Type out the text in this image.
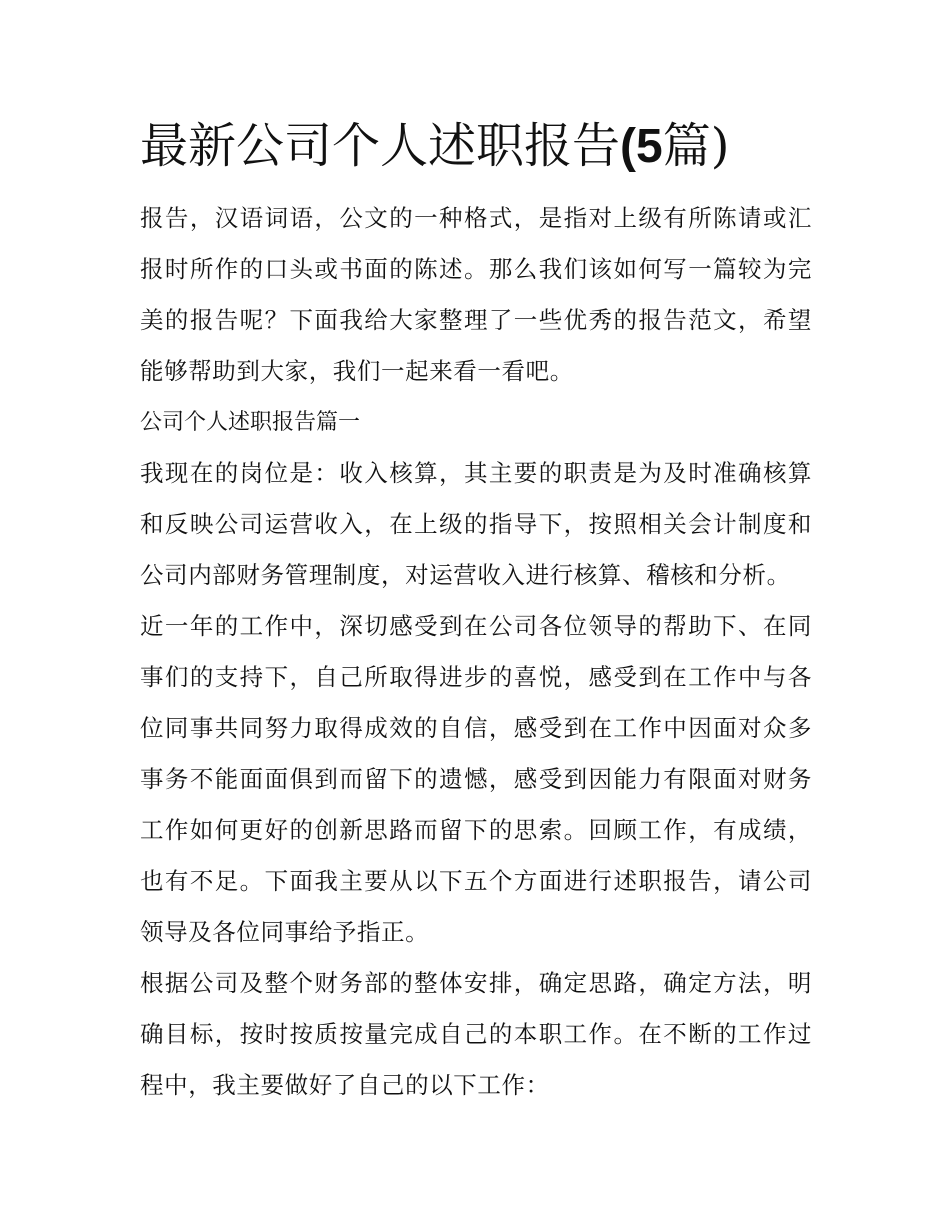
最新公司个人述职报告(5篇)

报告，汉语词语，公文的一种格式，是指对上级有所陈请或汇报时所作的口头或书面的陈述。那么我们该如何写一篇较为完美的报告呢？下面我给大家整理了一些优秀的报告范文，希望能够帮助到大家，我们一起来看一看吧。

公司个人述职报告篇一

我现在的岗位是：收入核算，其主要的职责是为及时准确核算和反映公司运营收入，在上级的指导下，按照相关会计制度和公司内部财务管理制度，对运营收入进行核算、稽核和分析。

近一年的工作中，深切感受到在公司各位领导的帮助下、在同事们的支持下，自己所取得进步的喜悦，感受到在工作中与各位同事共同努力取得成效的自信，感受到在工作中因面对众多事务不能面面俱到而留下的遗憾，感受到因能力有限面对财务工作如何更好的创新思路而留下的思索。回顾工作，有成绩，也有不足。下面我主要从以下五个方面进行述职报告，请公司领导及各位同事给予指正。

根据公司及整个财务部的整体安排，确定思路，确定方法，明确目标，按时按质按量完成自己的本职工作。在不断的工作过程中，我主要做好了自己的以下工作：
